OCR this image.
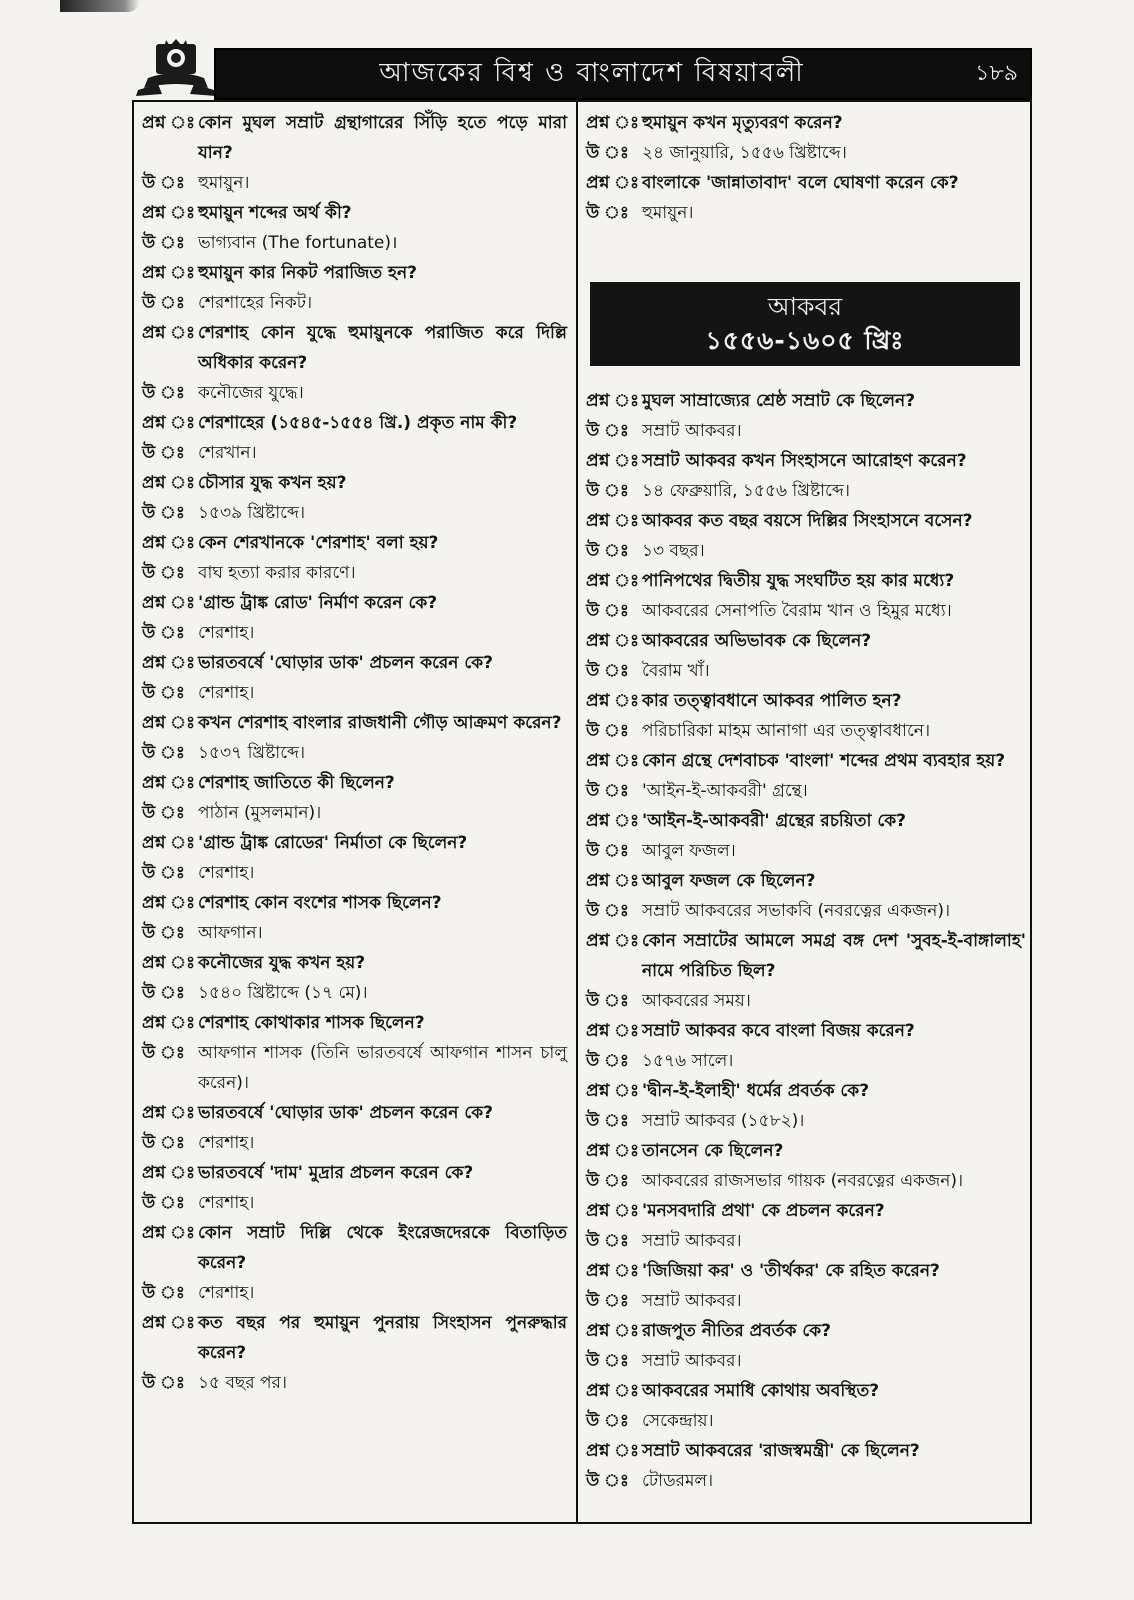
আজকের বিশ্ব ও বাংলাদেশ বিষয়াবলী	১৮৯
প্রশ্ন ঃ কোন মুঘল সম্রাট গ্রন্থাগারের সিঁড়ি হতে পড়ে মারা যান?
উ ঃ হুমায়ুন।
প্রশ্ন ঃ হুমায়ুন শব্দের অর্থ কী?
উ ঃ ভাগ্যবান (The fortunate)।
প্রশ্ন ঃ হুমায়ুন কার নিকট পরাজিত হন?
উ ঃ শেরশাহের নিকট।
প্রশ্ন ঃ শেরশাহ কোন যুদ্ধে হুমায়ুনকে পরাজিত করে দিল্লি অধিকার করেন?
উ ঃ কনৌজের যুদ্ধে।
প্রশ্ন ঃ শেরশাহের (১৫৪৫-১৫৫৪ খ্রি.) প্রকৃত নাম কী?
উ ঃ শেরখান।
প্রশ্ন ঃ চৌসার যুদ্ধ কখন হয়?
উ ঃ ১৫৩৯ খ্রিষ্টাব্দে।
প্রশ্ন ঃ কেন শেরখানকে 'শেরশাহ' বলা হয়?
উ ঃ বাঘ হত্যা করার কারণে।
প্রশ্ন ঃ 'গ্রান্ড ট্রাঙ্ক রোড' নির্মাণ করেন কে?
উ ঃ শেরশাহ।
প্রশ্ন ঃ ভারতবর্ষে 'ঘোড়ার ডাক' প্রচলন করেন কে?
উ ঃ শেরশাহ।
প্রশ্ন ঃ কখন শেরশাহ বাংলার রাজধানী গৌড় আক্রমণ করেন?
উ ঃ ১৫৩৭ খ্রিষ্টাব্দে।
প্রশ্ন ঃ শেরশাহ জাতিতে কী ছিলেন?
উ ঃ পাঠান (মুসলমান)।
প্রশ্ন ঃ 'গ্রান্ড ট্রাঙ্ক রোডের' নির্মাতা কে ছিলেন?
উ ঃ শেরশাহ।
প্রশ্ন ঃ শেরশাহ কোন বংশের শাসক ছিলেন?
উ ঃ আফগান।
প্রশ্ন ঃ কনৌজের যুদ্ধ কখন হয়?
উ ঃ ১৫৪০ খ্রিষ্টাব্দে (১৭ মে)।
প্রশ্ন ঃ শেরশাহ কোথাকার শাসক ছিলেন?
উ ঃ আফগান শাসক (তিনি ভারতবর্ষে আফগান শাসন চালু করেন)।
প্রশ্ন ঃ ভারতবর্ষে 'ঘোড়ার ডাক' প্রচলন করেন কে?
উ ঃ শেরশাহ।
প্রশ্ন ঃ ভারতবর্ষে 'দাম' মুদ্রার প্রচলন করেন কে?
উ ঃ শেরশাহ।
প্রশ্ন ঃ কোন সম্রাট দিল্লি থেকে ইংরেজদেরকে বিতাড়িত করেন?
উ ঃ শেরশাহ।
প্রশ্ন ঃ কত বছর পর হুমায়ুন পুনরায় সিংহাসন পুনরুদ্ধার করেন?
উ ঃ ১৫ বছর পর।
প্রশ্ন ঃ হুমায়ুন কখন মৃত্যুবরণ করেন?
উ ঃ ২৪ জানুয়ারি, ১৫৫৬ খ্রিষ্টাব্দে।
প্রশ্ন ঃ বাংলাকে 'জান্নাতাবাদ' বলে ঘোষণা করেন কে?
উ ঃ হুমায়ুন।
আকবর
১৫৫৬-১৬০৫ খ্রিঃ
প্রশ্ন ঃ মুঘল সাম্রাজ্যের শ্রেষ্ঠ সম্রাট কে ছিলেন?
উ ঃ সম্রাট আকবর।
প্রশ্ন ঃ সম্রাট আকবর কখন সিংহাসনে আরোহণ করেন?
উ ঃ ১৪ ফেব্রুয়ারি, ১৫৫৬ খ্রিষ্টাব্দে।
প্রশ্ন ঃ আকবর কত বছর বয়সে দিল্লির সিংহাসনে বসেন?
উ ঃ ১৩ বছর।
প্রশ্ন ঃ পানিপথের দ্বিতীয় যুদ্ধ সংঘটিত হয় কার মধ্যে?
উ ঃ আকবরের সেনাপতি বৈরাম খান ও হিমুর মধ্যে।
প্রশ্ন ঃ আকবরের অভিভাবক কে ছিলেন?
উ ঃ বৈরাম খাঁ।
প্রশ্ন ঃ কার তত্ত্বাবধানে আকবর পালিত হন?
উ ঃ পরিচারিকা মাহম আনাগা এর তত্ত্বাবধানে।
প্রশ্ন ঃ কোন গ্রন্থে দেশবাচক 'বাংলা' শব্দের প্রথম ব্যবহার হয়?
উ ঃ 'আইন-ই-আকবরী' গ্রন্থে।
প্রশ্ন ঃ 'আইন-ই-আকবরী' গ্রন্থের রচয়িতা কে?
উ ঃ আবুল ফজল।
প্রশ্ন ঃ আবুল ফজল কে ছিলেন?
উ ঃ সম্রাট আকবরের সভাকবি (নবরত্নের একজন)।
প্রশ্ন ঃ কোন সম্রাটের আমলে সমগ্র বঙ্গ দেশ 'সুবহ-ই-বাঙ্গালাহ' নামে পরিচিত ছিল?
উ ঃ আকবরের সময়।
প্রশ্ন ঃ সম্রাট আকবর কবে বাংলা বিজয় করেন?
উ ঃ ১৫৭৬ সালে।
প্রশ্ন ঃ 'দ্বীন-ই-ইলাহী' ধর্মের প্রবর্তক কে?
উ ঃ সম্রাট আকবর (১৫৮২)।
প্রশ্ন ঃ তানসেন কে ছিলেন?
উ ঃ আকবরের রাজসভার গায়ক (নবরত্নের একজন)।
প্রশ্ন ঃ 'মনসবদারি প্রথা' কে প্রচলন করেন?
উ ঃ সম্রাট আকবর।
প্রশ্ন ঃ 'জিজিয়া কর' ও 'তীর্থকর' কে রহিত করেন?
উ ঃ সম্রাট আকবর।
প্রশ্ন ঃ রাজপুত নীতির প্রবর্তক কে?
উ ঃ সম্রাট আকবর।
প্রশ্ন ঃ আকবরের সমাধি কোথায় অবস্থিত?
উ ঃ সেকেন্দ্রায়।
প্রশ্ন ঃ সম্রাট আকবরের 'রাজস্বমন্ত্রী' কে ছিলেন?
উ ঃ টোডরমল।
